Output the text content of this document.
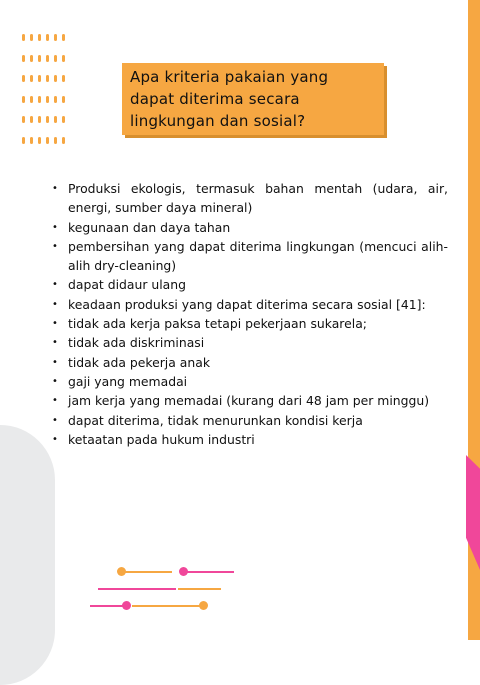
Apa kriteria pakaian yang dapat diterima secara lingkungan dan sosial?
• Produksi ekologis, termasuk bahan mentah (udara, air, energi, sumber daya mineral)
• kegunaan dan daya tahan
• pembersihan yang dapat diterima lingkungan (mencuci alih-alih dry-cleaning)
• dapat didaur ulang
• keadaan produksi yang dapat diterima secara sosial [41]:
• tidak ada kerja paksa tetapi pekerjaan sukarela;
• tidak ada diskriminasi
• tidak ada pekerja anak
• gaji yang memadai
• jam kerja yang memadai (kurang dari 48 jam per minggu)
• dapat diterima, tidak menurunkan kondisi kerja
• ketaatan pada hukum industri
